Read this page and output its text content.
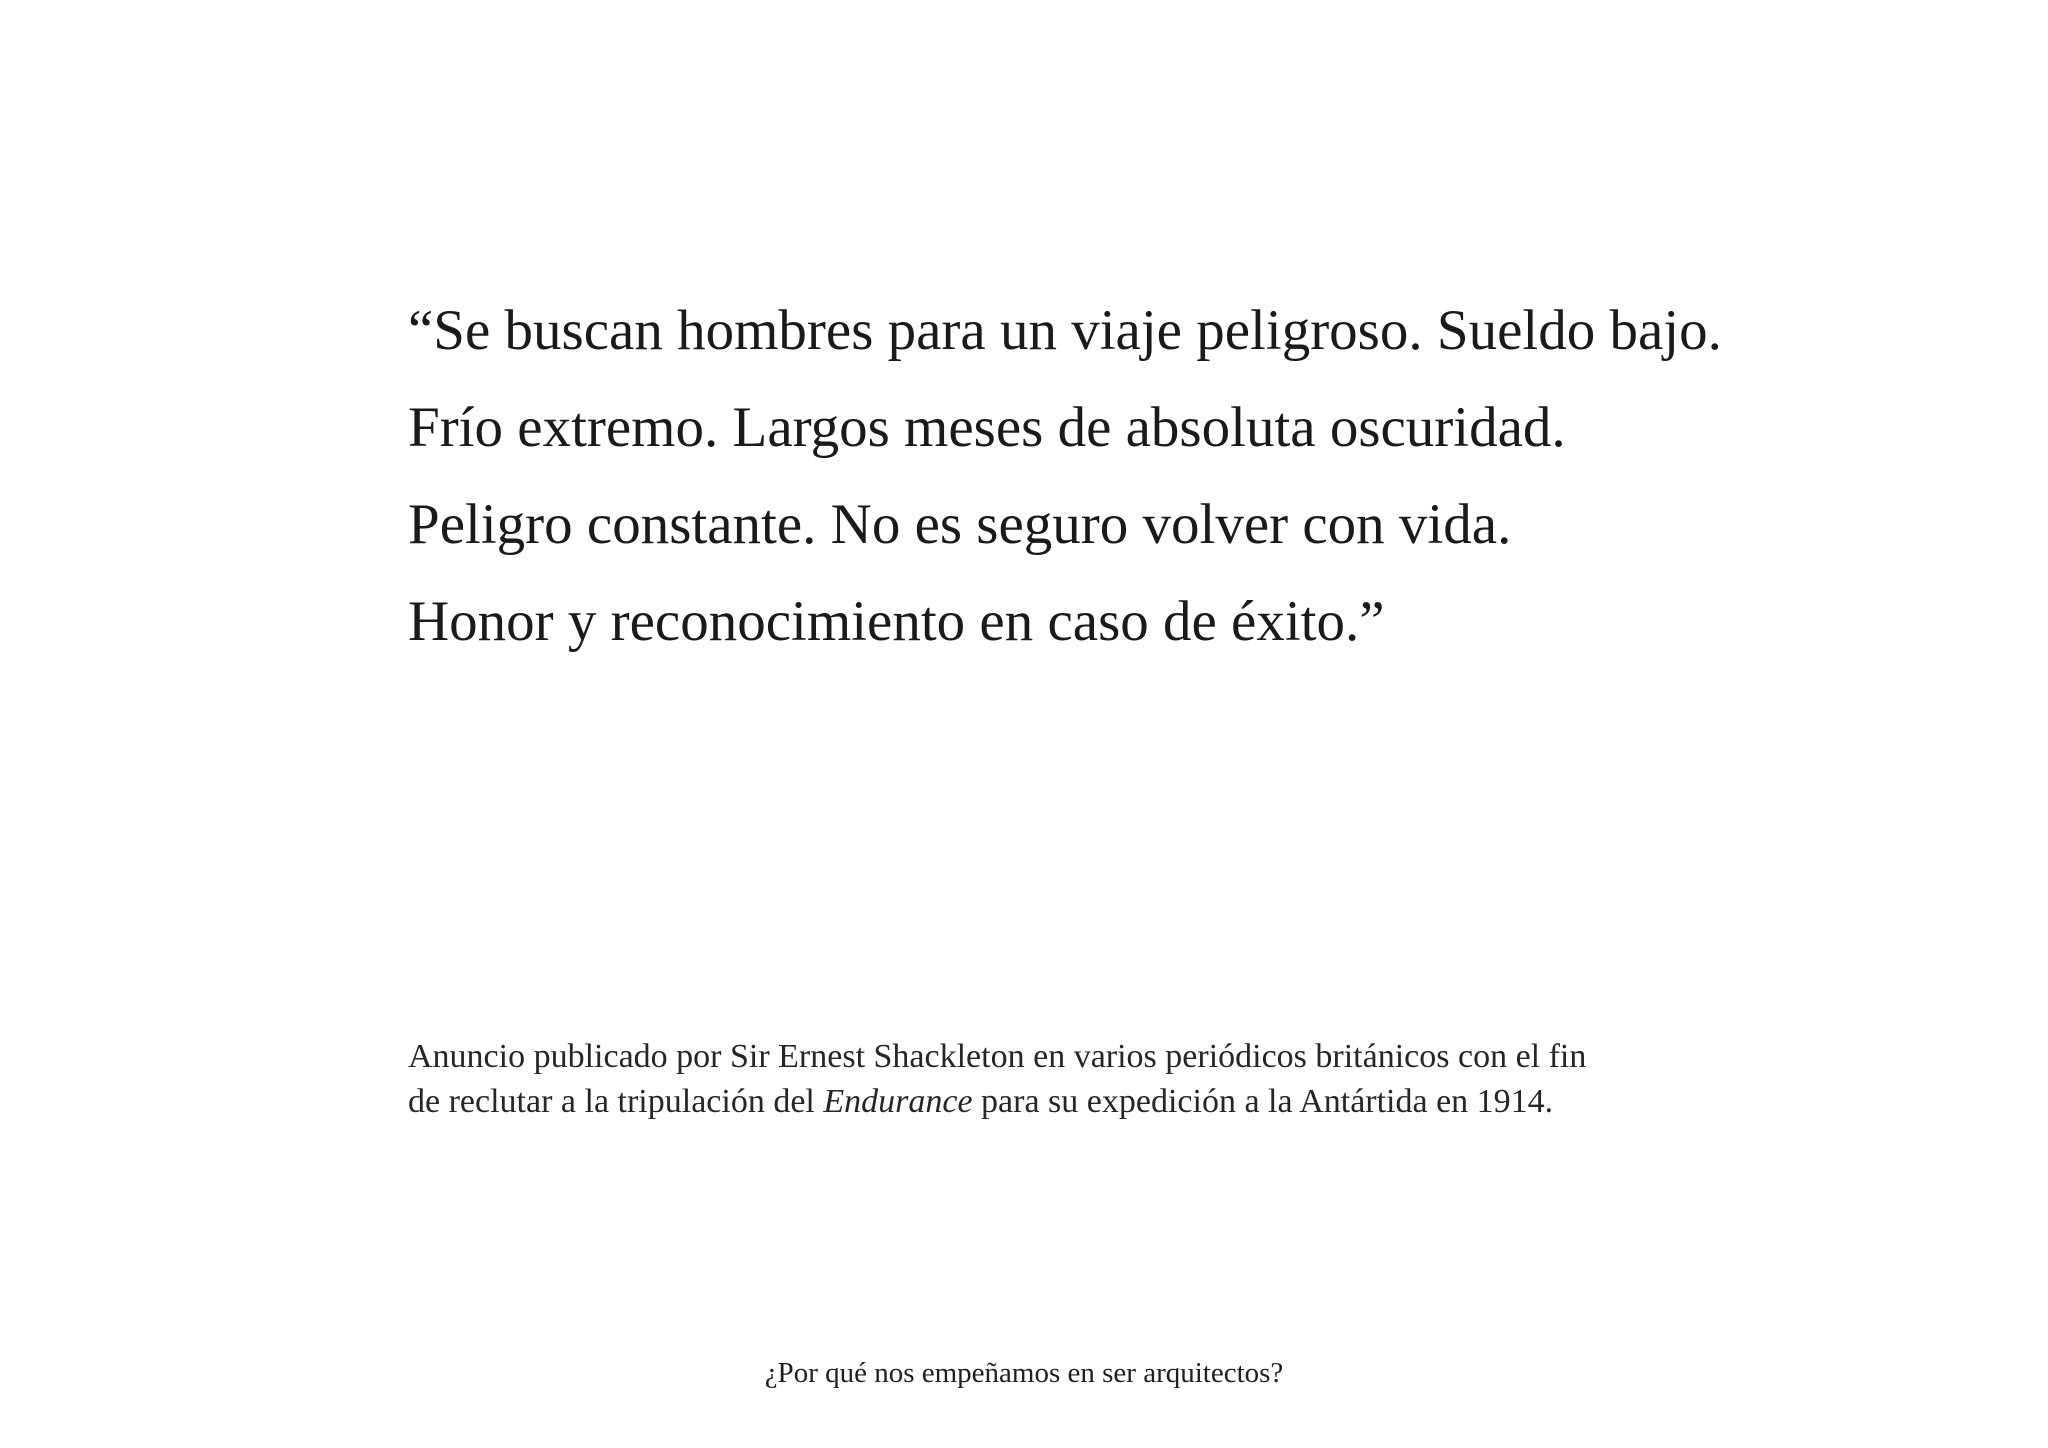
“Se buscan hombres para un viaje peligroso. Sueldo bajo.
Frío extremo. Largos meses de absoluta oscuridad.
Peligro constante. No es seguro volver con vida.
Honor y reconocimiento en caso de éxito.”
Anuncio publicado por Sir Ernest Shackleton en varios periódicos británicos con el fin
de reclutar a la tripulación del Endurance para su expedición a la Antártida en 1914.
¿Por qué nos empeñamos en ser arquitectos?
